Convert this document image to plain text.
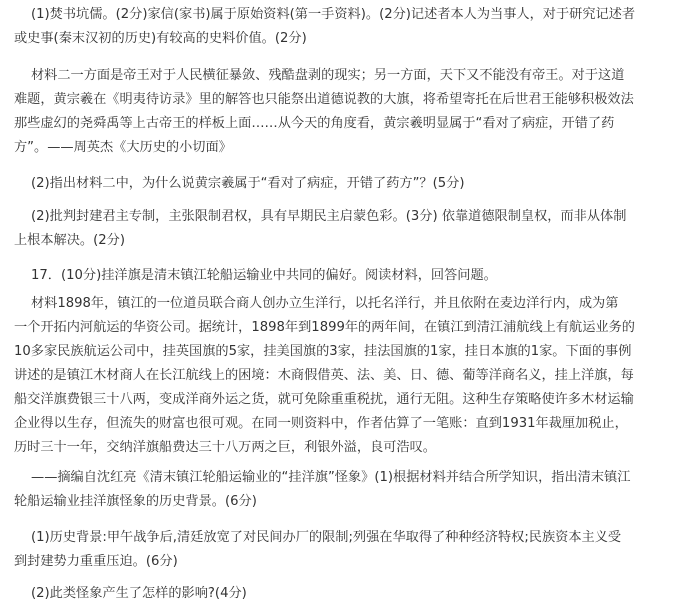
(1)焚书坑儒。(2分)家信(家书)属于原始资料(第一手资料)。(2分)记述者本人为当事人，对于研究记述者
或史事(秦末汉初的历史)有较高的史料价值。(2分)
材料二一方面是帝王对于人民横征暴敛、残酷盘剥的现实；另一方面，天下又不能没有帝王。对于这道
难题，黄宗羲在《明夷待访录》里的解答也只能祭出道德说教的大旗，将希望寄托在后世君王能够积极效法
那些虚幻的尧舜禹等上古帝王的样板上面……从今天的角度看，黄宗羲明显属于“看对了病症，开错了药
方”。——周英杰《大历史的小切面》
(2)指出材料二中，为什么说黄宗羲属于“看对了病症，开错了药方”？(5分)
(2)批判封建君主专制，主张限制君权，具有早期民主启蒙色彩。(3分) 依靠道德限制皇权，而非从体制
上根本解决。(2分)
17．(10分)挂洋旗是清末镇江轮船运输业中共同的偏好。阅读材料，回答问题。
材料1898年，镇江的一位道员联合商人创办立生洋行，以托名洋行，并且依附在麦边洋行内，成为第
一个开拓内河航运的华资公司。据统计，1898年到1899年的两年间，在镇江到清江浦航线上有航运业务的
10多家民族航运公司中，挂英国旗的5家，挂美国旗的3家，挂法国旗的1家，挂日本旗的1家。下面的事例
讲述的是镇江木材商人在长江航线上的困境：木商假借英、法、美、日、德、葡等洋商名义，挂上洋旗，每
船交洋旗费银三十八两，变成洋商外运之货，就可免除重重税扰，通行无阻。这种生存策略使许多木材运输
企业得以生存，但流失的财富也很可观。在同一则资料中，作者估算了一笔账：直到1931年裁厘加税止，
历时三十一年，交纳洋旗船费达三十八万两之巨，利银外溢，良可浩叹。
——摘编自沈红亮《清末镇江轮船运输业的“挂洋旗”怪象》(1)根据材料并结合所学知识，指出清末镇江
轮船运输业挂洋旗怪象的历史背景。(6分)
(1)历史背景:甲午战争后,清廷放宽了对民间办厂的限制;列强在华取得了种种经济特权;民族资本主义受
到封建势力重重压迫。(6分)
(2)此类怪象产生了怎样的影响?(4分)
